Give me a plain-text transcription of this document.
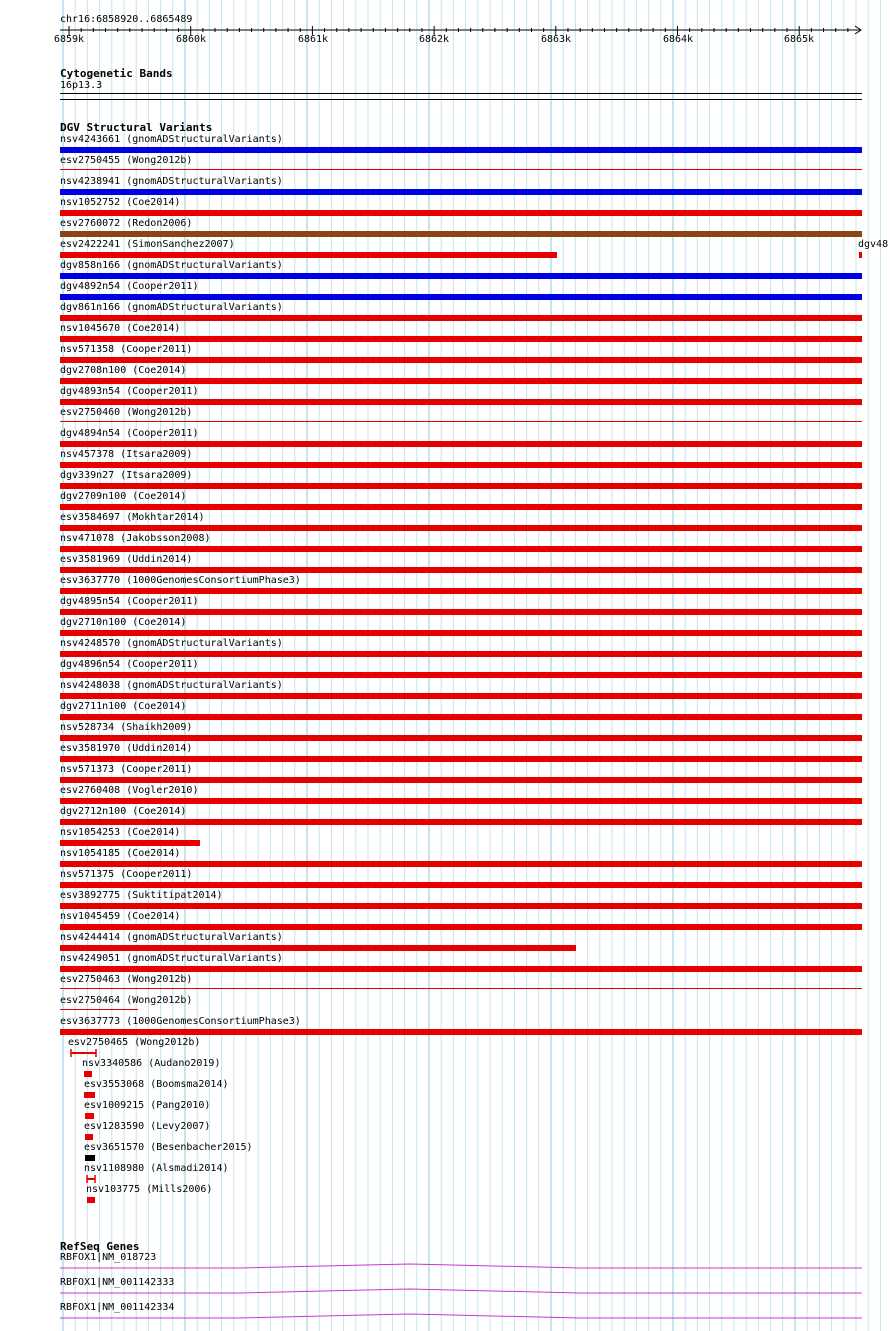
chr16:6858920..6865489
6859k	6860k	6861k	6862k	6863k	6864k	6865k
Cytogenetic Bands
16p13.3
DGV Structural Variants
nsv4243661 (gnomADStructuralVariants)
esv2750455 (Wong2012b)
nsv4238941 (gnomADStructuralVariants)
nsv1052752 (Coe2014)
esv2760072 (Redon2006)
esv2422241 (SimonSanchez2007)	dgv48
dgv858n166 (gnomADStructuralVariants)
dgv4892n54 (Cooper2011)
dgv861n166 (gnomADStructuralVariants)
nsv1045670 (Coe2014)
nsv571358 (Cooper2011)
dgv2708n100 (Coe2014)
dgv4893n54 (Cooper2011)
esv2750460 (Wong2012b)
dgv4894n54 (Cooper2011)
nsv457378 (Itsara2009)
dgv339n27 (Itsara2009)
dgv2709n100 (Coe2014)
esv3584697 (Mokhtar2014)
nsv471078 (Jakobsson2008)
esv3581969 (Uddin2014)
esv3637770 (1000GenomesConsortiumPhase3)
dgv4895n54 (Cooper2011)
dgv2710n100 (Coe2014)
nsv4248570 (gnomADStructuralVariants)
dgv4896n54 (Cooper2011)
nsv4248038 (gnomADStructuralVariants)
dgv2711n100 (Coe2014)
nsv528734 (Shaikh2009)
esv3581970 (Uddin2014)
nsv571373 (Cooper2011)
esv2760408 (Vogler2010)
dgv2712n100 (Coe2014)
nsv1054253 (Coe2014)
nsv1054185 (Coe2014)
nsv571375 (Cooper2011)
esv3892775 (Suktitipat2014)
nsv1045459 (Coe2014)
nsv4244414 (gnomADStructuralVariants)
nsv4249051 (gnomADStructuralVariants)
esv2750463 (Wong2012b)
esv2750464 (Wong2012b)
esv3637773 (1000GenomesConsortiumPhase3)
esv2750465 (Wong2012b)
nsv3340586 (Audano2019)
esv3553068 (Boomsma2014)
esv1009215 (Pang2010)
esv1283590 (Levy2007)
esv3651570 (Besenbacher2015)
nsv1108980 (Alsmadi2014)
nsv103775 (Mills2006)
RefSeq Genes
RBFOX1|NM_018723
RBFOX1|NM_001142333
RBFOX1|NM_001142334
